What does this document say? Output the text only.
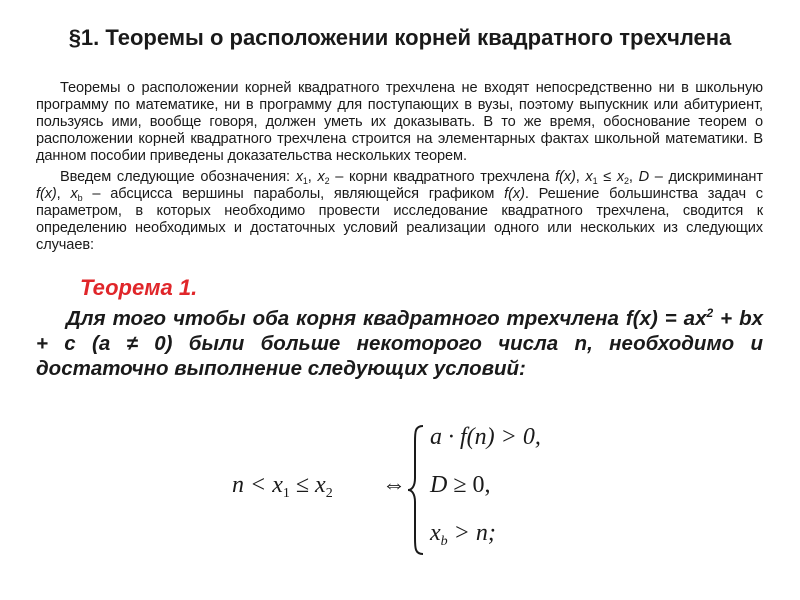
§1. Теоремы о расположении корней квадратного трехчлена

Теоремы о расположении корней квадратного трехчлена не входят непосредственно ни в школьную программу по математике, ни в программу для поступающих в вузы, поэтому выпускник или абитуриент, пользуясь ими, вообще говоря, должен уметь их доказывать. В то же время, обоснование теорем о расположении корней квадратного трехчлена строится на элементарных фактах школьной математики. В данном пособии приведены доказательства нескольких теорем.

Введем следующие обозначения: $x_1$, $x_2$ – корни квадратного трехчлена f(x), $x_1 \le x_2$, D – дискриминант f(x), $x_b$ – абсцисса вершины параболы, являющейся графиком f(x). Решение большинства задач с параметром, в которых необходимо провести исследование квадратного трехчлена, сводится к определению необходимых и достаточных условий реализации одного или нескольких из следующих случаев:

Теорема 1.

Для того чтобы оба корня квадратного трехчлена $f(x) = ax^2$ + bx + c (a ≠ 0) были больше некоторого числа n, необходимо и достаточно выполнение следующих условий:

$n < x_1 \le x_2$ ⇔
a · f(n) > 0,
D ≥ 0,
$x_b > n$;
